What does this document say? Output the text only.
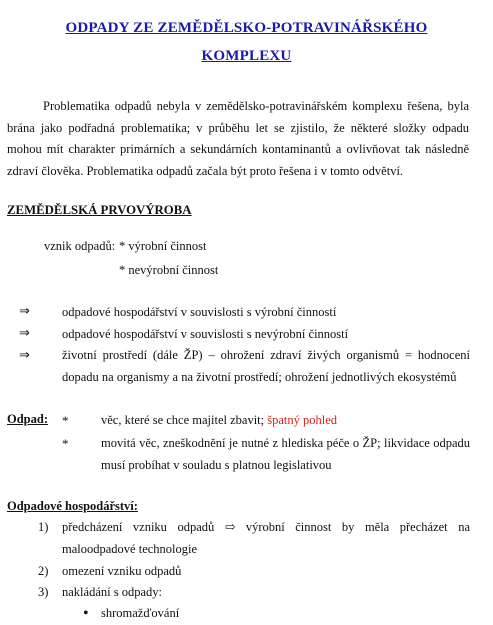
ODPADY ZE ZEMĚDĚLSKO-POTRAVINÁŘSKÉHO
KOMPLEXU
Problematika odpadů nebyla v zemědělsko-potravinářském komplexu řešena, byla brána jako podřadná problematika; v průběhu let se zjistilo, že některé složky odpadu mohou mít charakter primárních a sekundárních kontaminantů a ovlivňovat tak následně zdraví člověka. Problematika odpadů začala být proto řešena i v tomto odvětví.
ZEMĚDĚLSKÁ PRVOVÝROBA
vznik odpadů: * výrobní činnost
* nevýrobní činnost
⇒	odpadové hospodářství v souvislosti s výrobní činností
⇒	odpadové hospodářství v souvislosti s nevýrobní činností
⇒	životní prostředí (dále ŽP) – ohrožení zdraví živých organismů = hodnocení dopadu na organismy a na životní prostředí; ohrožení jednotlivých ekosystémů
Odpad: *	věc, které se chce majitel zbavit; špatný pohled
*	movitá věc, zneškodnění je nutné z hlediska péče o ŽP; likvidace odpadu musí probíhat v souladu s platnou legislativou
Odpadové hospodářství:
1) předcházení vzniku odpadů ⇨ výrobní činnost by měla přecházet na maloodpadové technologie
2) omezení vzniku odpadů
3) nakládání s odpady:
• shromažďování
